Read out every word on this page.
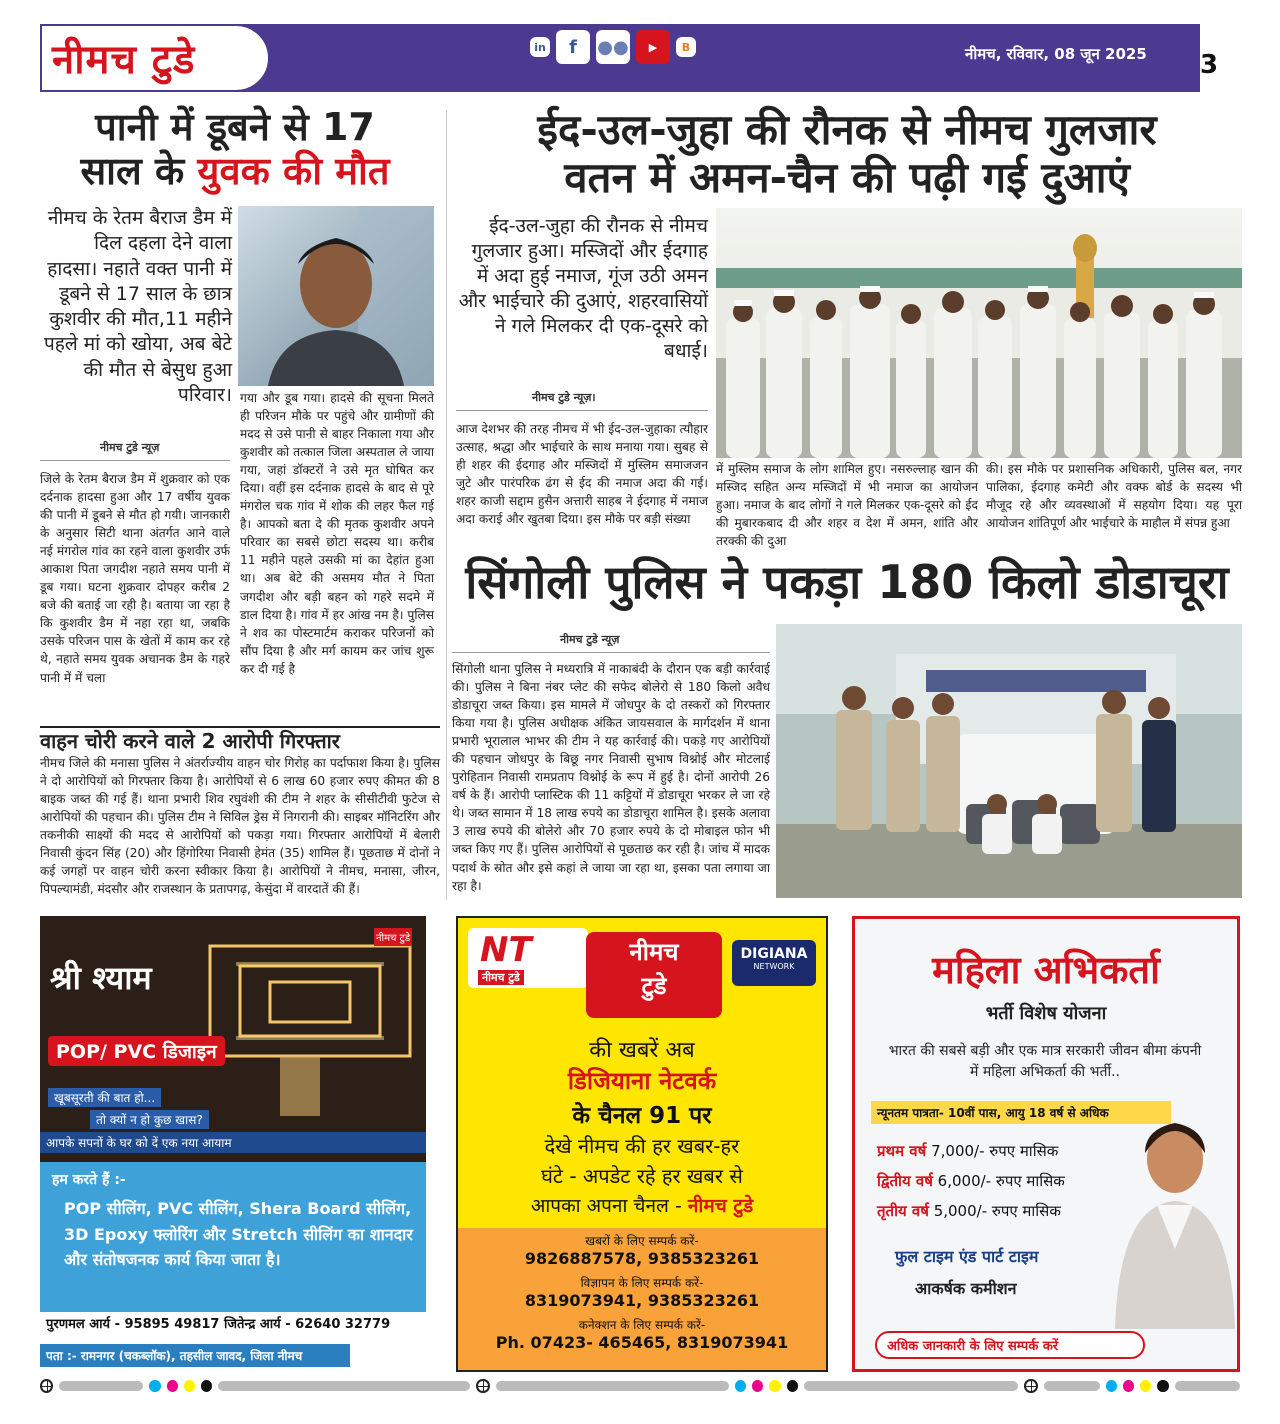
नीमच टुडे	in	f	●●	▶	B	नीमच, रविवार, 08 जून 2025 3
पानी में डूबने से 17
साल के युवक की मौत
नीमच के रेतम बैराज डैम में दिल दहला देने वाला हादसा। नहाते वक्त पानी में डूबने से 17 साल के छात्र कुशवीर की मौत,11 महीने पहले मां को खोया, अब बेटे की मौत से बेसुध हुआ परिवार।
नीमच टुडे न्यूज़
जिले के रेतम बैराज डैम में शुक्रवार को एक दर्दनाक हादसा हुआ और 17 वर्षीय युवक की पानी में डूबने से मौत हो गयी। जानकारी के अनुसार सिटी थाना अंतर्गत आने वाले नई मंगरोल गांव का रहने वाला कुशवीर उर्फ आकाश पिता जगदीश नहाते समय पानी में डूब गया। घटना शुक्रवार दोपहर करीब 2 बजे की बताई जा रही है। बताया जा रहा है कि कुशवीर डैम में नहा रहा था, जबकि उसके परिजन पास के खेतों में काम कर रहे थे, नहाते समय युवक अचानक डैम के गहरे पानी में में चला
गया और डूब गया। हादसे की सूचना मिलते ही परिजन मौके पर पहुंचे और ग्रामीणों की मदद से उसे पानी से बाहर निकाला गया और कुशवीर को तत्काल जिला अस्पताल ले जाया गया, जहां डॉक्टरों ने उसे मृत घोषित कर दिया। वहीं इस दर्दनाक हादसे के बाद से पूरे मंगरोल चक गांव में शोक की लहर फैल गई है। आपको बता दे की मृतक कुशवीर अपने परिवार का सबसे छोटा सदस्य था। करीब 11 महीने पहले उसकी मां का देहांत हुआ था। अब बेटे की असमय मौत ने पिता जगदीश और बड़ी बहन को गहरे सदमे में डाल दिया है। गांव में हर आंख नम है। पुलिस ने शव का पोस्टमार्टम कराकर परिजनों को सौंप दिया है और मर्ग कायम कर जांच शुरू कर दी गई है
वाहन चोरी करने वाले 2 आरोपी गिरफ्तार
नीमच जिले की मनासा पुलिस ने अंतर्राज्यीय वाहन चोर गिरोह का पर्दाफाश किया है। पुलिस ने दो आरोपियों को गिरफ्तार किया है। आरोपियों से 6 लाख 60 हजार रुपए कीमत की 8 बाइक जब्त की गई हैं। थाना प्रभारी शिव रघुवंशी की टीम ने शहर के सीसीटीवी फुटेज से आरोपियों की पहचान की। पुलिस टीम ने सिविल ड्रेस में निगरानी की। साइबर मॉनिटरिंग और तकनीकी साक्ष्यों की मदद से आरोपियों को पकड़ा गया। गिरफ्तार आरोपियों में बेलारी निवासी कुंदन सिंह (20) और हिंगोरिया निवासी हेमंत (35) शामिल हैं। पूछताछ में दोनों ने कई जगहों पर वाहन चोरी करना स्वीकार किया है। आरोपियों ने नीमच, मनासा, जीरन, पिपल्यामंडी, मंदसौर और राजस्थान के प्रतापगढ़, केसुंदा में वारदातें की हैं।
ईद-उल-जुहा की रौनक से नीमच गुलजार
वतन में अमन-चैन की पढ़ी गई दुआएं
ईद-उल-जुहा की रौनक से नीमच गुलजार हुआ। मस्जिदों और ईदगाह में अदा हुई नमाज, गूंज उठी अमन और भाईचारे की दुआएं, शहरवासियों ने गले मिलकर दी एक-दूसरे को बधाई।
नीमच टुडे न्यूज़।
आज देशभर की तरह नीमच में भी ईद-उल-जुहाका त्यौहार उत्साह, श्रद्धा और भाईचारे के साथ मनाया गया। सुबह से ही शहर की ईदगाह और मस्जिदों में मुस्लिम समाजजन जुटे और पारंपरिक ढंग से ईद की नमाज अदा की गई।शहर काजी सद्दाम हुसैन अत्तारी साहब ने ईदगाह में नमाज अदा कराई और खुतबा दिया। इस मौके पर बड़ी संख्या
में मुस्लिम समाज के लोग शामिल हुए। नसरुल्लाह खान की मस्जिद सहित अन्य मस्जिदों में भी नमाज का आयोजन हुआ। नमाज के बाद लोगों ने गले मिलकर एक-दूसरे को ईद की मुबारकबाद दी और शहर व देश में अमन, शांति और तरक्की की दुआ
की। इस मौके पर प्रशासनिक अधिकारी, पुलिस बल, नगर पालिका, ईदगाह कमेटी और वक्फ बोर्ड के सदस्य भी मौजूद रहे और व्यवस्थाओं में सहयोग दिया। यह पूरा आयोजन शांतिपूर्ण और भाईचारे के माहौल में संपन्न हुआ
सिंगोली पुलिस ने पकड़ा 180 किलो डोडाचूरा
नीमच टुडे न्यूज़
सिंगोली थाना पुलिस ने मध्यरात्रि में नाकाबंदी के दौरान एक बड़ी कार्रवाई की। पुलिस ने बिना नंबर प्लेट की सफेद बोलेरो से 180 किलो अवैध डोडाचूरा जब्त किया। इस मामले में जोधपुर के दो तस्करों को गिरफ्तार किया गया है। पुलिस अधीक्षक अंकित जायसवाल के मार्गदर्शन में थाना प्रभारी भूरालाल भाभर की टीम ने यह कार्रवाई की। पकड़े गए आरोपियों की पहचान जोधपुर के बिछू नगर निवासी सुभाष विश्नोई और मोटलाई पुरोहितान निवासी रामप्रताप विश्नोई के रूप में हुई है। दोनों आरोपी 26 वर्ष के हैं। आरोपी प्लास्टिक की 11 कट्टियों में डोडाचूरा भरकर ले जा रहे थे। जब्त सामान में 18 लाख रुपये का डोडाचूरा शामिल है। इसके अलावा 3 लाख रुपये की बोलेरो और 70 हजार रुपये के दो मोबाइल फोन भी जब्त किए गए हैं। पुलिस आरोपियों से पूछताछ कर रही है। जांच में मादक पदार्थ के स्रोत और इसे कहां ले जाया जा रहा था, इसका पता लगाया जा रहा है।
श्री श्याम
नीमच टुडे
POP/ PVC डिजाइन
खूबसूरती की बात हो...
तो क्यों न हो कुछ खास?
आपके सपनों के घर को दें एक नया आयाम
हम करते हैं :-
POP सीलिंग, PVC सीलिंग, Shera Board सीलिंग, 3D Epoxy फ्लोरिंग और Stretch सीलिंग का शानदार और संतोषजनक कार्य किया जाता है।
पुरणमल आर्य - 95895 49817 जितेन्द्र आर्य - 62640 32779
पता :- रामनगर (चकब्लॉक), तहसील जावद, जिला नीमच
NT
नीमच टुडे
नीमच
टुडे
DIGIANA
NETWORK
की खबरें अब
डिजियाना नेटवर्क
के चैनल 91 पर
देखे नीमच की हर खबर-हर
घंटे - अपडेट रहे हर खबर से
आपका अपना चैनल - नीमच टुडे
खबरों के लिए सम्पर्क करें-
9826887578, 9385323261
विज्ञापन के लिए सम्पर्क करें-
8319073941, 9385323261
कनेक्शन के लिए सम्पर्क करें-
Ph. 07423- 465465, 8319073941
महिला अभिकर्ता
भर्ती विशेष योजना
भारत की सबसे बड़ी और एक मात्र सरकारी जीवन बीमा कंपनी में महिला अभिकर्ता की भर्ती..
न्यूनतम पात्रता- 10वीं पास, आयु 18 वर्ष से अधिक
प्रथम वर्ष 7,000/- रुपए मासिक
द्वितीय वर्ष 6,000/- रुपए मासिक
तृतीय वर्ष 5,000/- रुपए मासिक
फुल टाइम एंड पार्ट टाइम
आकर्षक कमीशन
अधिक जानकारी के लिए सम्पर्क करें
